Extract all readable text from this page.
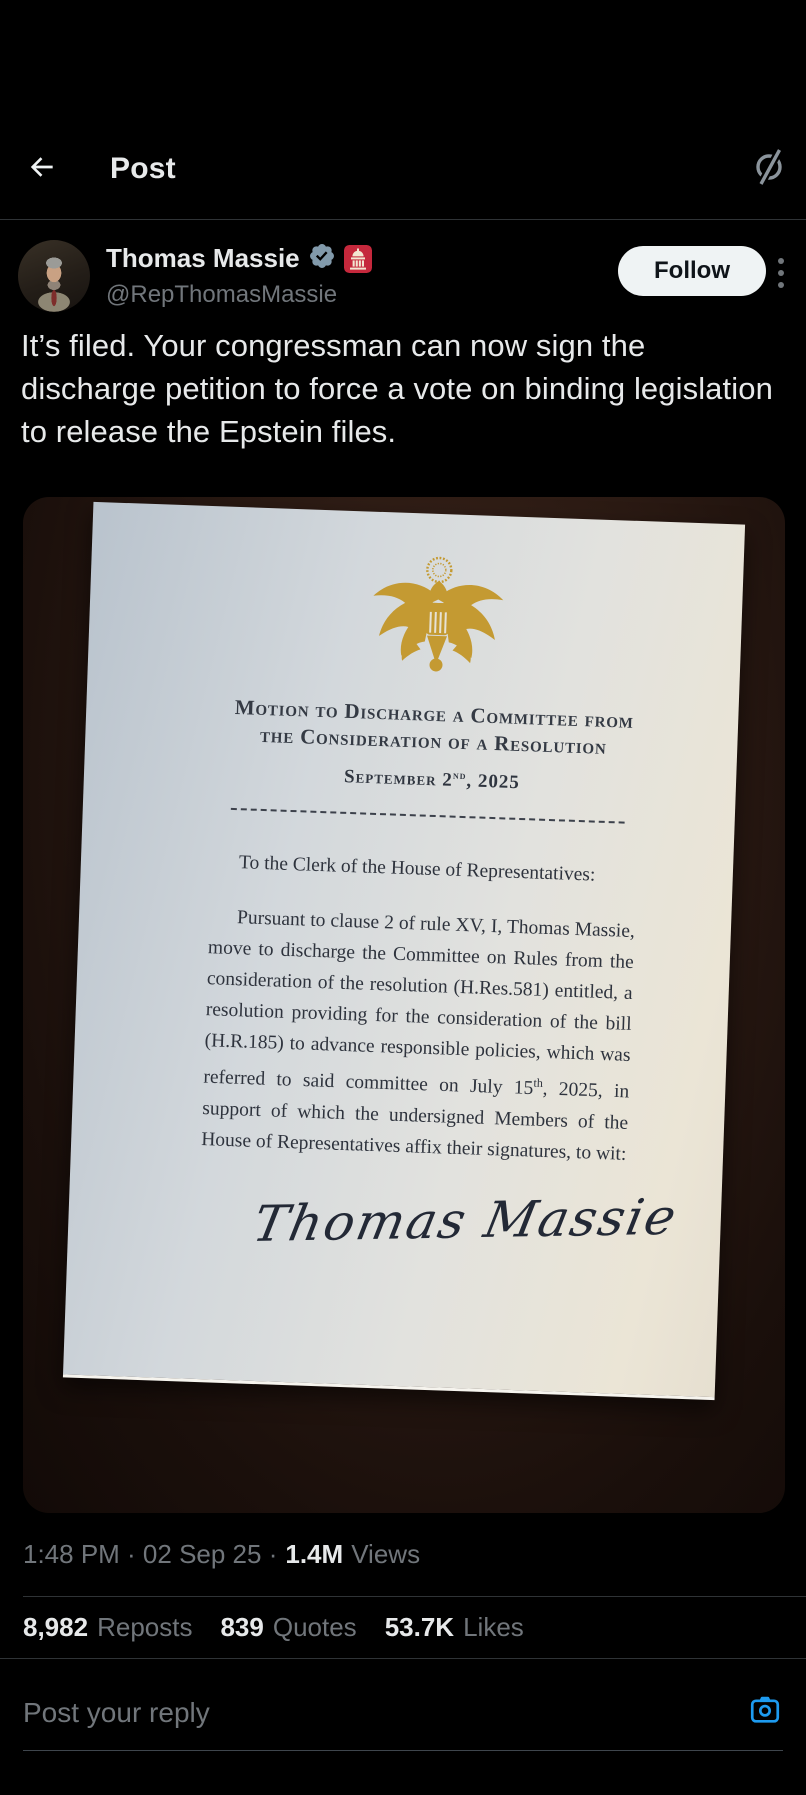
Post
Thomas Massie
@RepThomasMassie
Follow

It’s filed. Your congressman can now sign the discharge petition to force a vote on binding legislation to release the Epstein files.

Motion to Discharge a Committee from
the Consideration of a Resolution
September 2nd, 2025

To the Clerk of the House of Representatives:

Pursuant to clause 2 of rule XV, I, Thomas Massie, move to discharge the Committee on Rules from the consideration of the resolution (H.Res.581) entitled, a resolution providing for the consideration of the bill (H.R.185) to advance responsible policies, which was referred to said committee on July 15th, 2025, in support of which the undersigned Members of the House of Representatives affix their signatures, to wit:

Thomas Massie
1:48 PM · 02 Sep 25 · 1.4M Views
8,982 Reposts 839 Quotes 53.7K Likes
Post your reply
